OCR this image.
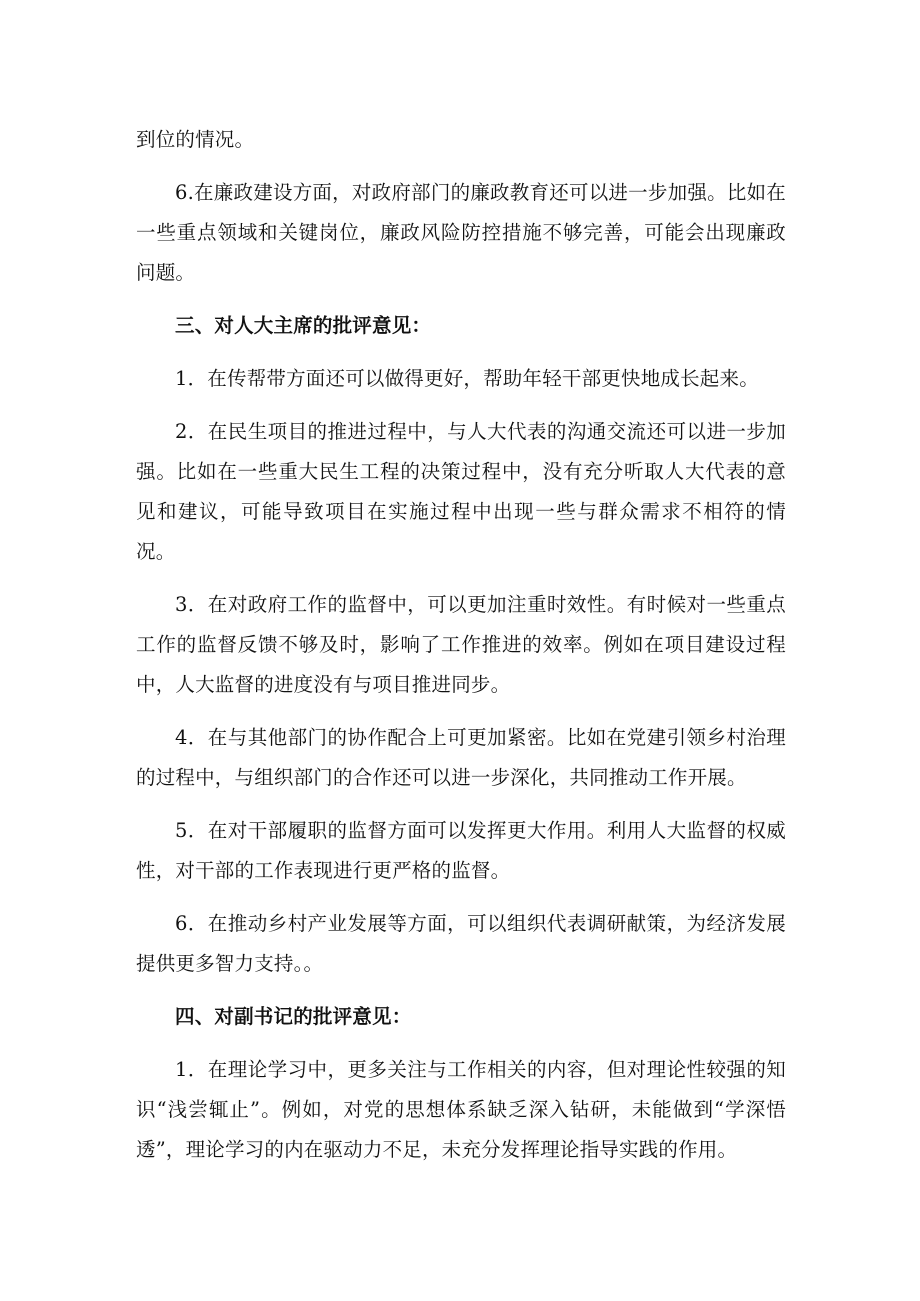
到位的情况。

6.在廉政建设方面，对政府部门的廉政教育还可以进一步加强。比如在一些重点领域和关键岗位，廉政风险防控措施不够完善，可能会出现廉政问题。

三、对人大主席的批评意见：

1．在传帮带方面还可以做得更好，帮助年轻干部更快地成长起来。

2．在民生项目的推进过程中，与人大代表的沟通交流还可以进一步加强。比如在一些重大民生工程的决策过程中，没有充分听取人大代表的意见和建议，可能导致项目在实施过程中出现一些与群众需求不相符的情况。

3．在对政府工作的监督中，可以更加注重时效性。有时候对一些重点工作的监督反馈不够及时，影响了工作推进的效率。例如在项目建设过程中，人大监督的进度没有与项目推进同步。

4．在与其他部门的协作配合上可更加紧密。比如在党建引领乡村治理的过程中，与组织部门的合作还可以进一步深化，共同推动工作开展。

5．在对干部履职的监督方面可以发挥更大作用。利用人大监督的权威性，对干部的工作表现进行更严格的监督。

6．在推动乡村产业发展等方面，可以组织代表调研献策，为经济发展提供更多智力支持。。

四、对副书记的批评意见：

1．在理论学习中，更多关注与工作相关的内容，但对理论性较强的知识“浅尝辄止”。例如，对党的思想体系缺乏深入钻研，未能做到“学深悟透”，理论学习的内在驱动力不足，未充分发挥理论指导实践的作用。
